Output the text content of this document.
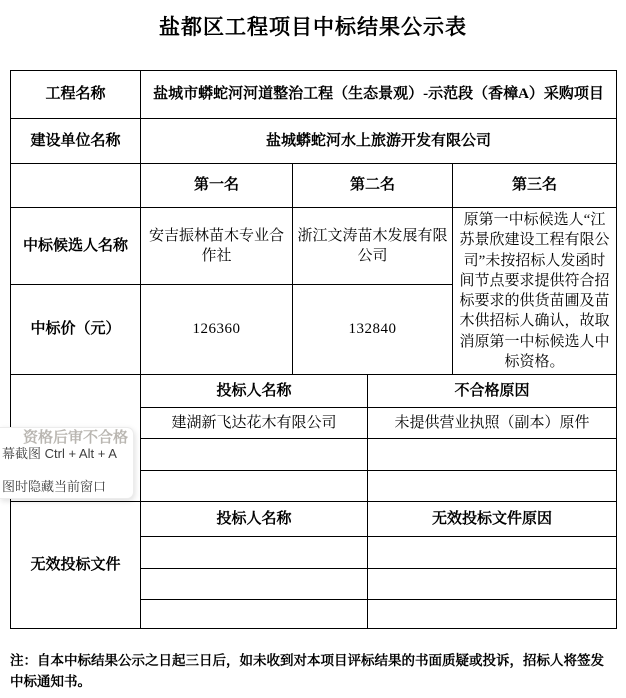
盐都区工程项目中标结果公示表
工程名称	盐城市蟒蛇河河道整治工程（生态景观）-示范段（香樟A）采购项目			
建设单位名称	盐城蟒蛇河水上旅游开发有限公司			
	第一名	第二名		第三名
中标候选人名称	安吉振林苗木专业合作社	浙江文涛苗木发展有限公司		原第一中标候选人“江苏景欣建设工程有限公司”未按招标人发函时间节点要求提供符合招标要求的供货苗圃及苗木供招标人确认，故取消原第一中标候选人中标资格。
中标价（元）	126360	132840		
资格后审不合格	投标人名称		不合格原因	
	建湖新飞达花木有限公司		未提供营业执照（副本）原件	

无效投标文件	投标人名称		无效投标文件原因	

幕截图 Ctrl + Alt + A
图时隐藏当前窗口
注：自本中标结果公示之日起三日后，如未收到对本项目评标结果的书面质疑或投诉，招标人将签发中标通知书。
